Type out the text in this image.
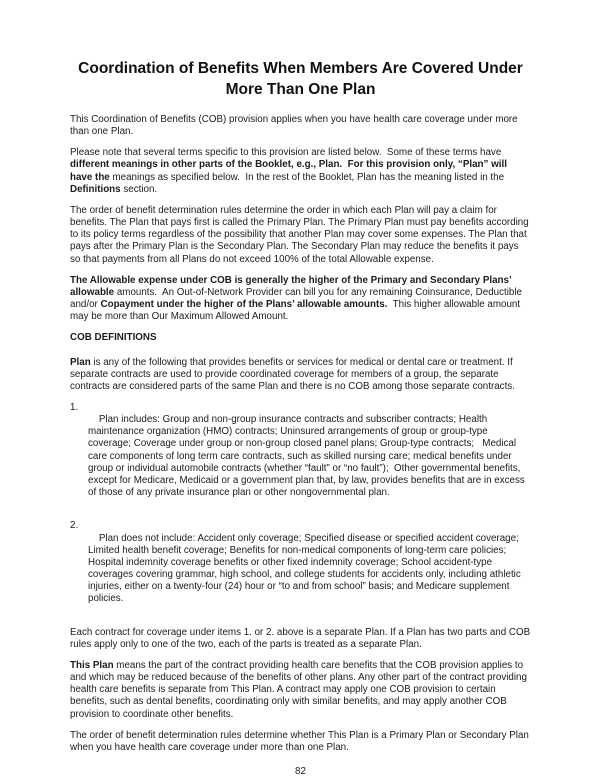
Coordination of Benefits When Members Are Covered Under
More Than One Plan

This Coordination of Benefits (COB) provision applies when you have health care coverage under more than one Plan.

Please note that several terms specific to this provision are listed below.  Some of these terms have different meanings in other parts of the Booklet, e.g., Plan.  For this provision only, “Plan” will have the meanings as specified below.  In the rest of the Booklet, Plan has the meaning listed in the Definitions section.

The order of benefit determination rules determine the order in which each Plan will pay a claim for benefits. The Plan that pays first is called the Primary Plan. The Primary Plan must pay benefits according to its policy terms regardless of the possibility that another Plan may cover some expenses. The Plan that pays after the Primary Plan is the Secondary Plan. The Secondary Plan may reduce the benefits it pays so that payments from all Plans do not exceed 100% of the total Allowable expense.

The Allowable expense under COB is generally the higher of the Primary and Secondary Plans’ allowable amounts.  An Out-of-Network Provider can bill you for any remaining Coinsurance, Deductible and/or Copayment under the higher of the Plans’ allowable amounts.  This higher allowable amount may be more than Our Maximum Allowed Amount.

COB DEFINITIONS

Plan is any of the following that provides benefits or services for medical or dental care or treatment. If separate contracts are used to provide coordinated coverage for members of a group, the separate contracts are considered parts of the same Plan and there is no COB among those separate contracts.

1.
Plan includes: Group and non-group insurance contracts and subscriber contracts; Health maintenance organization (HMO) contracts; Uninsured arrangements of group or group-type coverage; Coverage under group or non-group closed panel plans; Group-type contracts;   Medical care components of long term care contracts, such as skilled nursing care; medical benefits under group or individual automobile contracts (whether “fault” or “no fault”);  Other governmental benefits, except for Medicare, Medicaid or a government plan that, by law, provides benefits that are in excess of those of any private insurance plan or other nongovernmental plan.

2.
Plan does not include: Accident only coverage; Specified disease or specified accident coverage; Limited health benefit coverage; Benefits for non-medical components of long-term care policies; Hospital indemnity coverage benefits or other fixed indemnity coverage; School accident-type coverages covering grammar, high school, and college students for accidents only, including athletic injuries, either on a twenty-four (24) hour or “to and from school” basis; and Medicare supplement policies.

Each contract for coverage under items 1. or 2. above is a separate Plan. If a Plan has two parts and COB rules apply only to one of the two, each of the parts is treated as a separate Plan.

This Plan means the part of the contract providing health care benefits that the COB provision applies to and which may be reduced because of the benefits of other plans. Any other part of the contract providing health care benefits is separate from This Plan. A contract may apply one COB provision to certain benefits, such as dental benefits, coordinating only with similar benefits, and may apply another COB provision to coordinate other benefits.

The order of benefit determination rules determine whether This Plan is a Primary Plan or Secondary Plan when you have health care coverage under more than one Plan.

82
